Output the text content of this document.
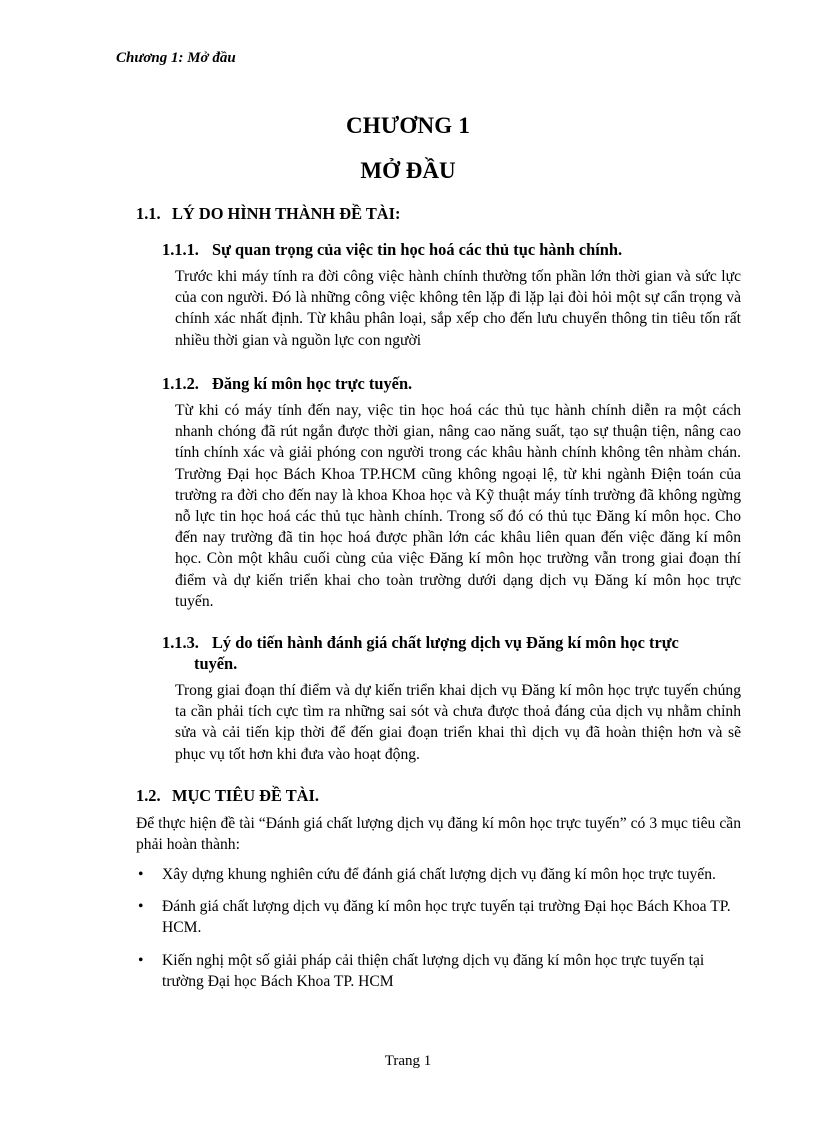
Chương 1: Mở đầu
CHƯƠNG 1
MỞ ĐẦU
1.1. LÝ DO HÌNH THÀNH ĐỀ TÀI:
1.1.1. Sự quan trọng của việc tin học hoá các thủ tục hành chính.
Trước khi máy tính ra đời công việc hành chính thường tốn phần lớn thời gian và sức lực của con người. Đó là những công việc không tên lặp đi lặp lại đòi hỏi một sự cẩn trọng và chính xác nhất định. Từ khâu phân loại, sắp xếp cho đến lưu chuyển thông tin tiêu tốn rất nhiều thời gian và nguồn lực con người
1.1.2. Đăng kí môn học trực tuyến.
Từ khi có máy tính đến nay, việc tin học hoá các thủ tục hành chính diễn ra một cách nhanh chóng đã rút ngắn được thời gian, nâng cao năng suất, tạo sự thuận tiện, nâng cao tính chính xác và giải phóng con người trong các khâu hành chính không tên nhàm chán. Trường Đại học Bách Khoa TP.HCM cũng không ngoại lệ, từ khi ngành Điện toán của trường ra đời cho đến nay là khoa Khoa học và Kỹ thuật máy tính trường đã không ngừng nỗ lực tin học hoá các thủ tục hành chính. Trong số đó có thủ tục Đăng kí môn học. Cho đến nay trường đã tin học hoá được phần lớn các khâu liên quan đến việc đăng kí môn học. Còn một khâu cuối cùng của việc Đăng kí môn học trường vẫn trong giai đoạn thí điểm và dự kiến triển khai cho toàn trường dưới dạng dịch vụ Đăng kí môn học trực tuyến.
1.1.3. Lý do tiến hành đánh giá chất lượng dịch vụ Đăng kí môn học trực
tuyến.
Trong giai đoạn thí điểm và dự kiến triển khai dịch vụ Đăng kí môn học trực tuyến chúng ta cần phải tích cực tìm ra những sai sót và chưa được thoả đáng của dịch vụ nhằm chỉnh sửa và cải tiến kịp thời để đến giai đoạn triển khai thì dịch vụ đã hoàn thiện hơn và sẽ phục vụ tốt hơn khi đưa vào hoạt động.
1.2. MỤC TIÊU ĐỀ TÀI.
Để thực hiện đề tài “Đánh giá chất lượng dịch vụ đăng kí môn học trực tuyến” có 3 mục tiêu cần phải hoàn thành:
• Xây dựng khung nghiên cứu để đánh giá chất lượng dịch vụ đăng kí môn học trực tuyến.
• Đánh giá chất lượng dịch vụ đăng kí môn học trực tuyến tại trường Đại học Bách Khoa TP. HCM.
• Kiến nghị một số giải pháp cải thiện chất lượng dịch vụ đăng kí môn học trực tuyến tại trường Đại học Bách Khoa TP. HCM
Trang 1
